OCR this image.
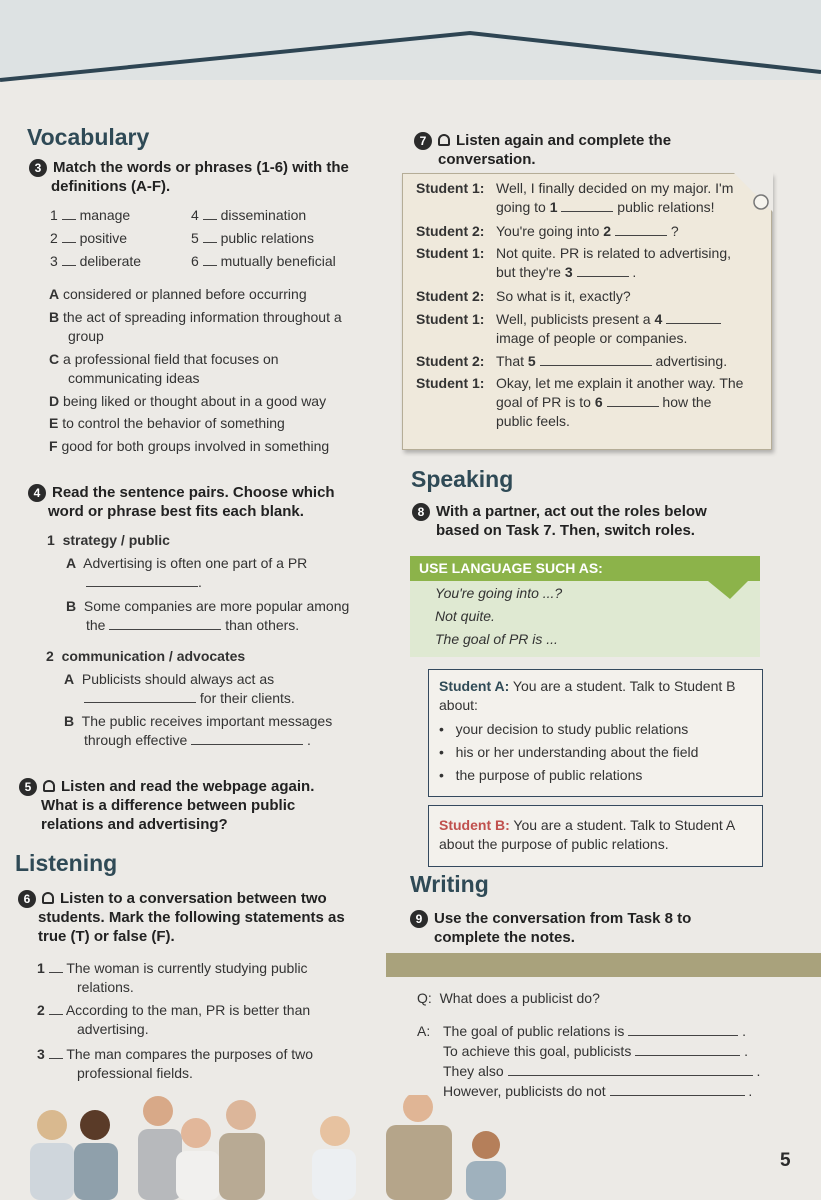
Vocabulary
3 Match the words or phrases (1-6) with the
definitions (A-F).
1 manage
2 positive
3 deliberate
4 dissemination
5 public relations
6 mutually beneficial
A considered or planned before occurring
B the act of spreading information throughout a
group
C a professional field that focuses on
communicating ideas
D being liked or thought about in a good way
E to control the behavior of something
F good for both groups involved in something
4 Read the sentence pairs. Choose which
word or phrase best fits each blank.
1 strategy / public
A Advertising is often one part of a PR
.
B Some companies are more popular among
the	than others.
2 communication / advocates
A Publicists should always act as
for their clients.
B The public receives important messages
through effective	.
5 Listen and read the webpage again.
What is a difference between public
relations and advertising?
Listening
6 Listen to a conversation between two
students. Mark the following statements as
true (T) or false (F).
1 The woman is currently studying public
relations.
2 According to the man, PR is better than
advertising.
3 The man compares the purposes of two
professional fields.
7 Listen again and complete the
conversation.
Student 1: Well, I finally decided on my major. I'm
going to 1	public relations!
Student 2: You're going into 2	?
Student 1: Not quite. PR is related to advertising,
but they're 3	.
Student 2: So what is it, exactly?
Student 1: Well, publicists present a 4
image of people or companies.
Student 2: That 5	advertising.
Student 1: Okay, let me explain it another way. The
goal of PR is to 6	how the
public feels.
Speaking
8 With a partner, act out the roles below
based on Task 7. Then, switch roles.
USE LANGUAGE SUCH AS:
You're going into ...?
Not quite.
The goal of PR is ...
Student A: You are a student. Talk to Student B
about:
•   your decision to study public relations
•   his or her understanding about the field
•   the purpose of public relations
Student B: You are a student. Talk to Student A
about the purpose of public relations.
Writing
9 Use the conversation from Task 8 to
complete the notes.
Q: What does a publicist do?
A: The goal of public relations is	.
To achieve this goal, publicists	.
They also	.
However, publicists do not	.
5
